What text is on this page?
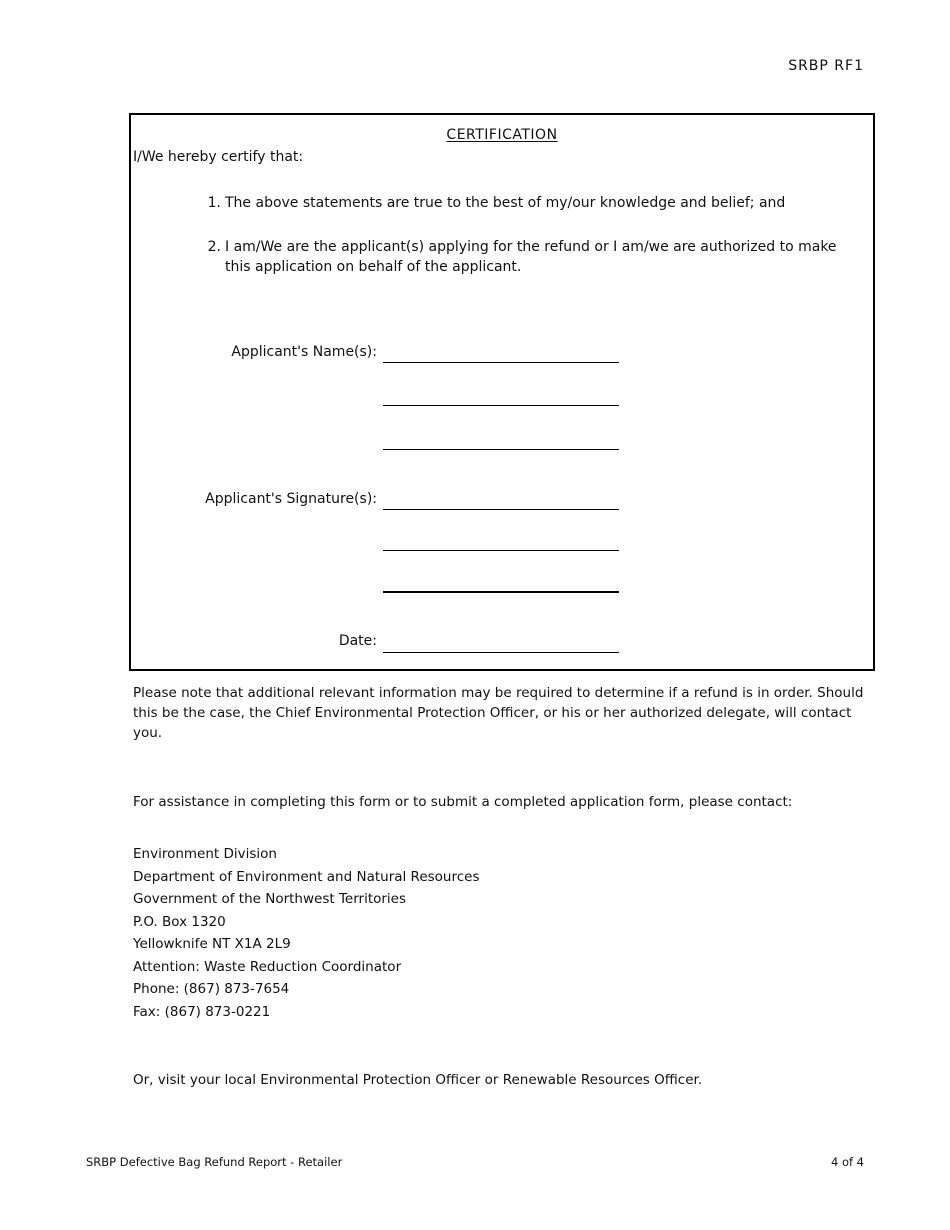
SRBP RF1
CERTIFICATION
I/We hereby certify that:
1. The above statements are true to the best of my/our knowledge and belief; and
2. I am/We are the applicant(s) applying for the refund or I am/we are authorized to make this application on behalf of the applicant.
Applicant's Name(s):
Applicant's Signature(s):
Date:
Please note that additional relevant information may be required to determine if a refund is in order. Should this be the case, the Chief Environmental Protection Officer, or his or her authorized delegate, will contact you.
For assistance in completing this form or to submit a completed application form, please contact:
Environment Division
Department of Environment and Natural Resources
Government of the Northwest Territories
P.O. Box 1320
Yellowknife NT X1A 2L9
Attention: Waste Reduction Coordinator
Phone: (867) 873-7654
Fax: (867) 873-0221
Or, visit your local Environmental Protection Officer or Renewable Resources Officer.
SRBP Defective Bag Refund Report - Retailer	4 of 4
